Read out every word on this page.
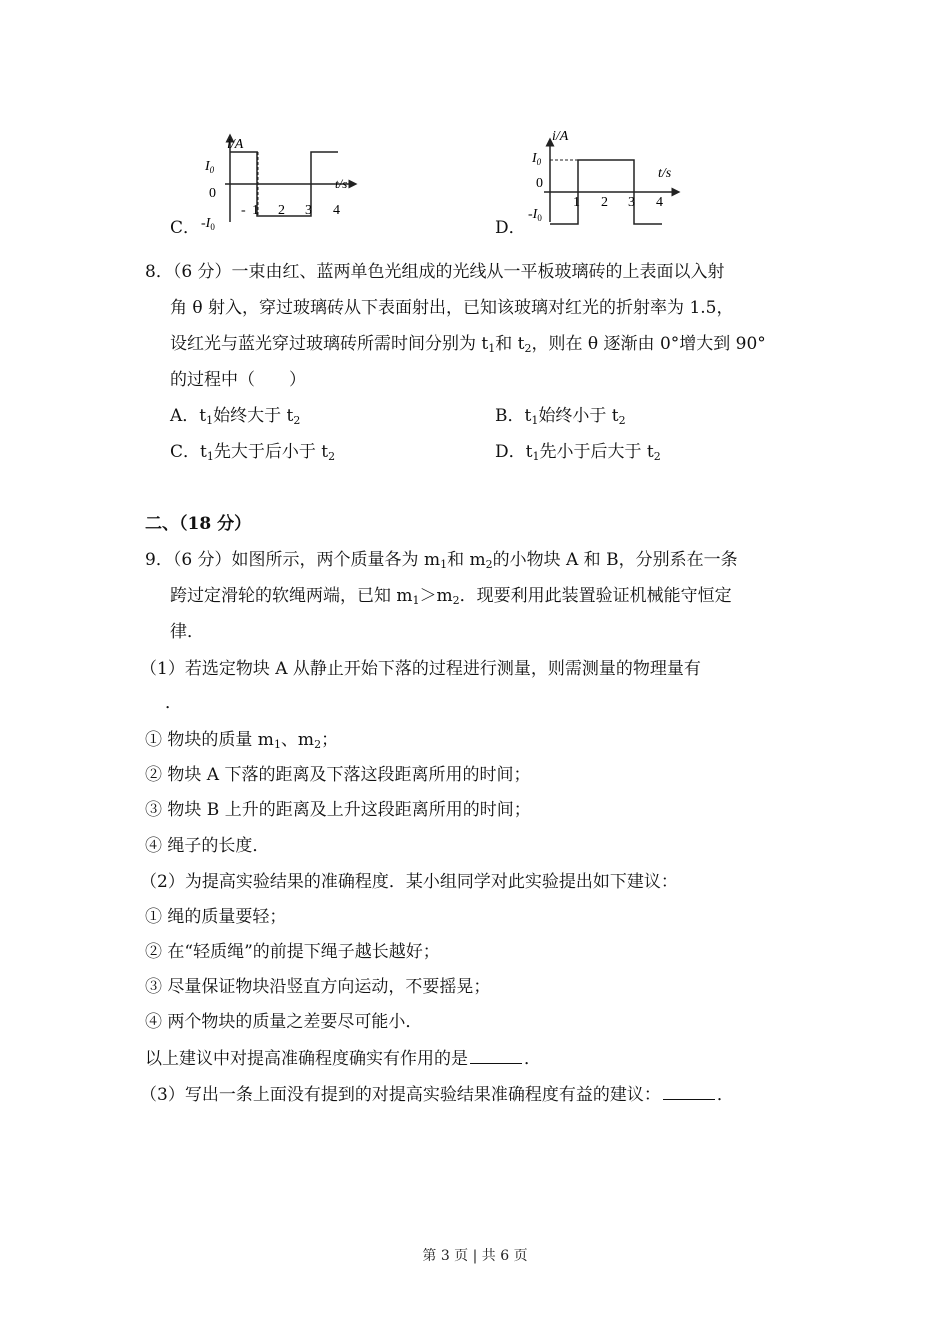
C．
i/A
$I_0$
0
$-I_0$
t/s
- 1 2 3 4
D．
i/A
$I_0$
0
$-I_0$
t/s
1 2 3 4
8．（6 分）一束由红、蓝两单色光组成的光线从一平板玻璃砖的上表面以入射
角 θ 射入，穿过玻璃砖从下表面射出，已知该玻璃对红光的折射率为 1.5，
设红光与蓝光穿过玻璃砖所需时间分别为 $t_1$和 $t_2$，则在 θ 逐渐由 0°增大到 90°
的过程中（　　）
A．$t_1$始终大于 $t_2$	B．$t_1$始终小于 $t_2$
C．$t_1$先大于后小于 $t_2$	D．$t_1$先小于后大于 $t_2$
二、（18 分）
9．（6 分）如图所示，两个质量各为 $m_1$和 $m_2$的小物块 A 和 B，分别系在一条
跨过定滑轮的软绳两端，已知 $m_1>m_2$．现要利用此装置验证机械能守恒定
律．
（1）若选定物块 A 从静止开始下落的过程进行测量，则需测量的物理量有
．
① 物块的质量 $m_1$、$m_2$；
② 物块 A 下落的距离及下落这段距离所用的时间；
③ 物块 B 上升的距离及上升这段距离所用的时间；
④ 绳子的长度．
（2）为提高实验结果的准确程度．某小组同学对此实验提出如下建议：
① 绳的质量要轻；
② 在“轻质绳”的前提下绳子越长越好；
③ 尽量保证物块沿竖直方向运动，不要摇晃；
④ 两个物块的质量之差要尽可能小．
以上建议中对提高准确程度确实有作用的是	．
（3）写出一条上面没有提到的对提高实验结果准确程度有益的建议：	．
第 3 页 | 共 6 页
